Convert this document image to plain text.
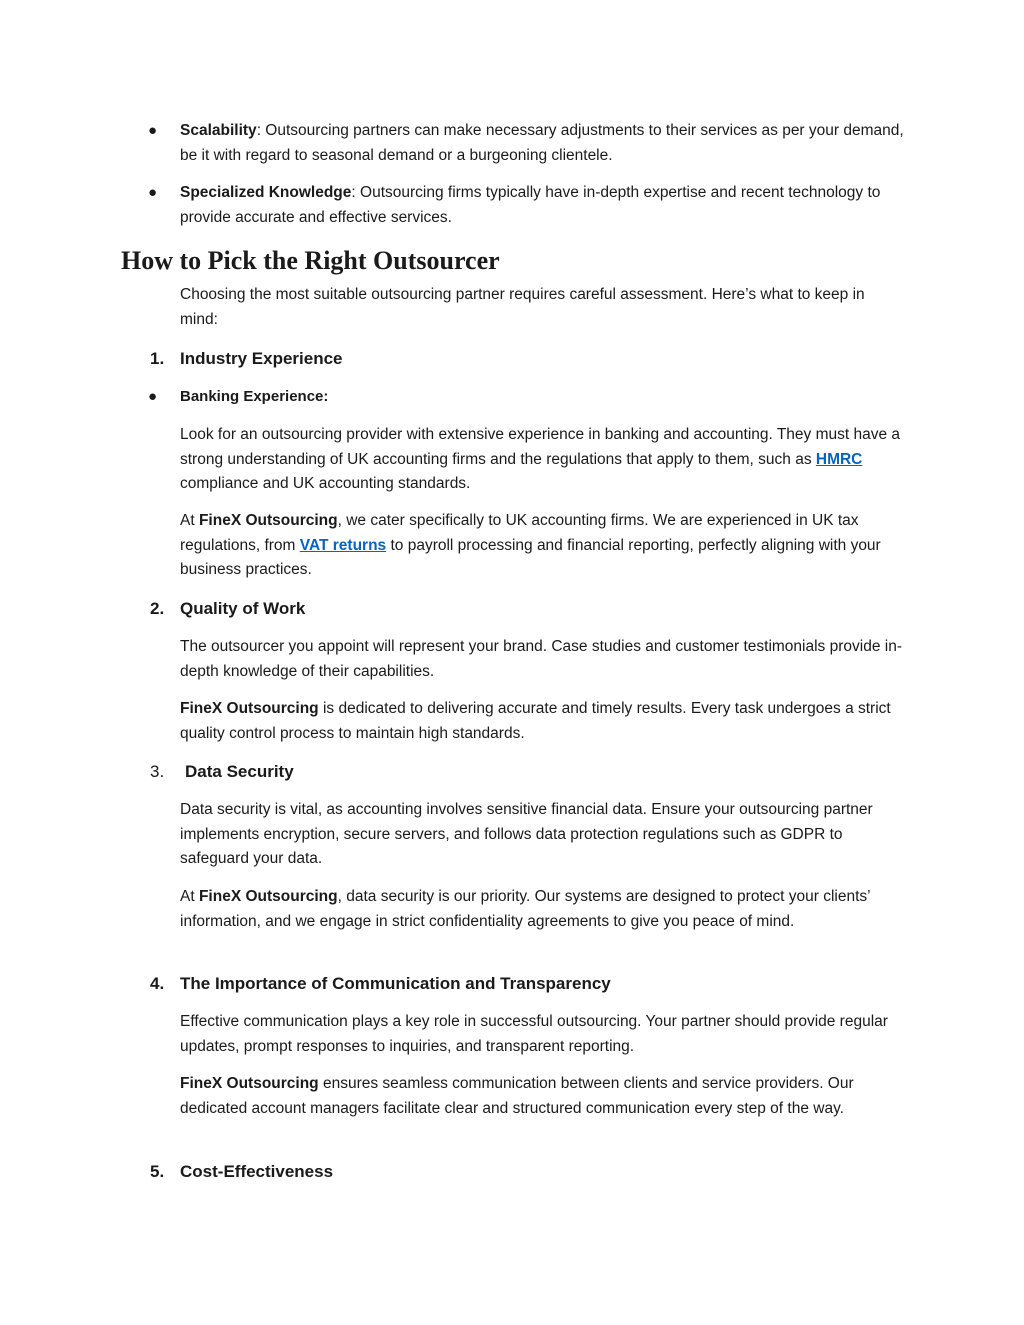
● Scalability: Outsourcing partners can make necessary adjustments to their services as per your demand, be it with regard to seasonal demand or a burgeoning clientele.
● Specialized Knowledge: Outsourcing firms typically have in-depth expertise and recent technology to provide accurate and effective services.
How to Pick the Right Outsourcer
Choosing the most suitable outsourcing partner requires careful assessment. Here’s what to keep in mind:
1. Industry Experience
● Banking Experience:
Look for an outsourcing provider with extensive experience in banking and accounting. They must have a strong understanding of UK accounting firms and the regulations that apply to them, such as HMRC compliance and UK accounting standards.
At FineX Outsourcing, we cater specifically to UK accounting firms. We are experienced in UK tax regulations, from VAT returns to payroll processing and financial reporting, perfectly aligning with your business practices.
2. Quality of Work
The outsourcer you appoint will represent your brand. Case studies and customer testimonials provide in-depth knowledge of their capabilities.
FineX Outsourcing is dedicated to delivering accurate and timely results. Every task undergoes a strict quality control process to maintain high standards.
3. Data Security
Data security is vital, as accounting involves sensitive financial data. Ensure your outsourcing partner implements encryption, secure servers, and follows data protection regulations such as GDPR to safeguard your data.
At FineX Outsourcing, data security is our priority. Our systems are designed to protect your clients’ information, and we engage in strict confidentiality agreements to give you peace of mind.
4. The Importance of Communication and Transparency
Effective communication plays a key role in successful outsourcing. Your partner should provide regular updates, prompt responses to inquiries, and transparent reporting.
FineX Outsourcing ensures seamless communication between clients and service providers. Our dedicated account managers facilitate clear and structured communication every step of the way.
5. Cost-Effectiveness
